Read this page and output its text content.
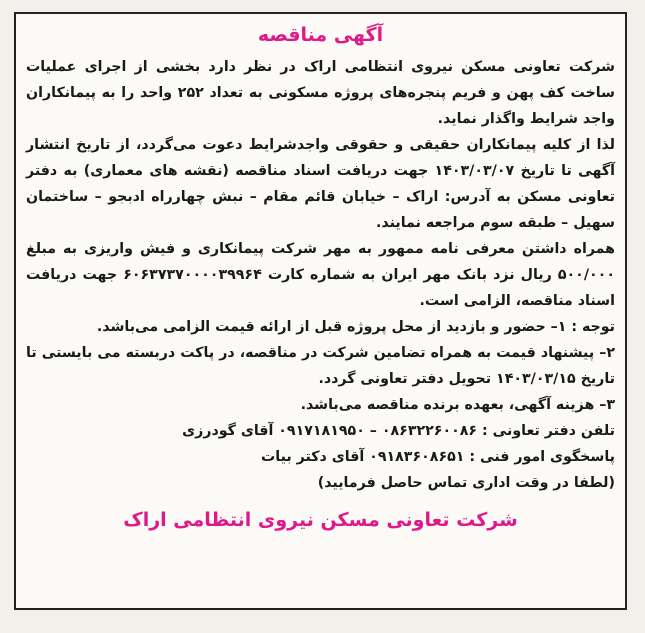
آگهی مناقصه

شرکت تعاونی مسکن نیروی انتظامی اراک در نظر دارد بخشی از اجرای عملیات ساخت کف پهن و فریم پنجره‌های پروژه مسکونی به تعداد ۲۵۲ واحد را به پیمانکاران واجد شرایط واگذار نماید.

لذا از کلیه پیمانکاران حقیقی و حقوقی واجدشرایط دعوت می‌گردد، از تاریخ انتشار آگهی تا تاریخ ۱۴۰۳/۰۳/۰۷ جهت دریافت اسناد مناقصه (نقشه های معماری) به دفتر تعاونی مسکن به آدرس: اراک – خیابان قائم مقام – نبش چهارراه ادبجو – ساختمان سهیل – طبقه سوم مراجعه نمایند.

همراه داشتن معرفی نامه ممهور به مهر شرکت پیمانکاری و فیش واریزی به مبلغ ۵۰۰/۰۰۰ ریال نزد بانک مهر ایران به شماره کارت ۶۰۶۳۷۳۷۰۰۰۰۳۹۹۶۴ جهت دریافت اسناد مناقصه، الزامی است.

توجه : ۱– حضور و بازدید از محل پروژه قبل از ارائه قیمت الزامی می‌باشد.

۲– پیشنهاد قیمت به همراه تضامین شرکت در مناقصه، در پاکت دربسته می بایستی تا تاریخ ۱۴۰۳/۰۳/۱۵ تحویل دفتر تعاونی گردد.

۳– هزینه آگهی، بعهده برنده مناقصه می‌باشد.

تلفن دفتر تعاونی : ۰۸۶۳۲۲۶۰۰۸۶ – ۰۹۱۷۱۸۱۹۵۰ آقای گودرزی

پاسخگوی امور فنی : ۰۹۱۸۳۶۰۸۶۵۱ آقای دکتر بیات

(لطفا در وقت اداری تماس حاصل فرمایید)

شرکت تعاونی مسکن نیروی انتظامی اراک
